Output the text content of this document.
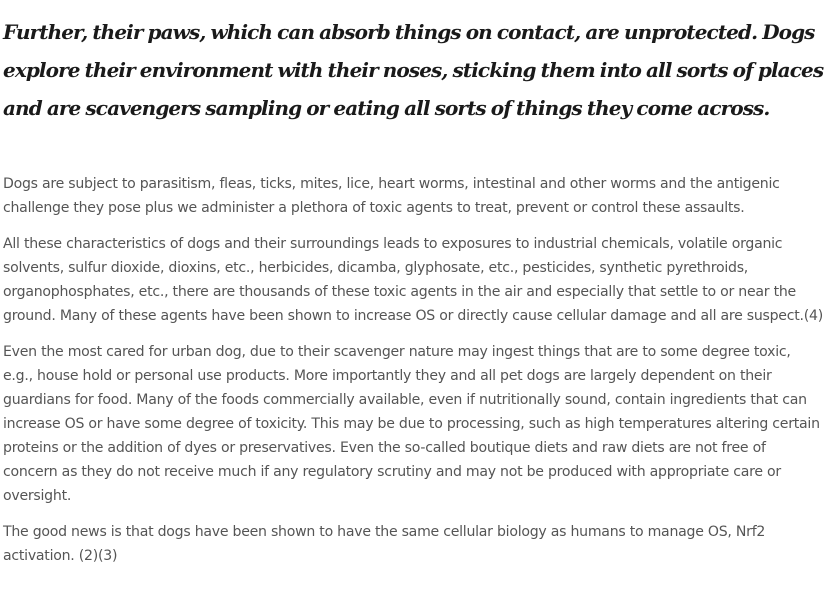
Further, their paws, which can absorb things on contact, are unprotected. Dogs explore their environment with their noses, sticking them into all sorts of places and are scavengers sampling or eating all sorts of things they come across.

Dogs are subject to parasitism, fleas, ticks, mites, lice, heart worms, intestinal and other worms and the antigenic challenge they pose plus we administer a plethora of toxic agents to treat, prevent or control these assaults.

All these characteristics of dogs and their surroundings leads to exposures to industrial chemicals, volatile organic solvents, sulfur dioxide, dioxins, etc., herbicides, dicamba, glyphosate, etc., pesticides, synthetic pyrethroids, organophosphates, etc., there are thousands of these toxic agents in the air and especially that settle to or near the ground. Many of these agents have been shown to increase OS or directly cause cellular damage and all are suspect.(4)

Even the most cared for urban dog, due to their scavenger nature may ingest things that are to some degree toxic, e.g., house hold or personal use products. More importantly they and all pet dogs are largely dependent on their guardians for food. Many of the foods commercially available, even if nutritionally sound, contain ingredients that can increase OS or have some degree of toxicity. This may be due to processing, such as high temperatures altering certain proteins or the addition of dyes or preservatives. Even the so-called boutique diets and raw diets are not free of concern as they do not receive much if any regulatory scrutiny and may not be produced with appropriate care or oversight.

The good news is that dogs have been shown to have the same cellular biology as humans to manage OS, Nrf2 activation. (2)(3)
